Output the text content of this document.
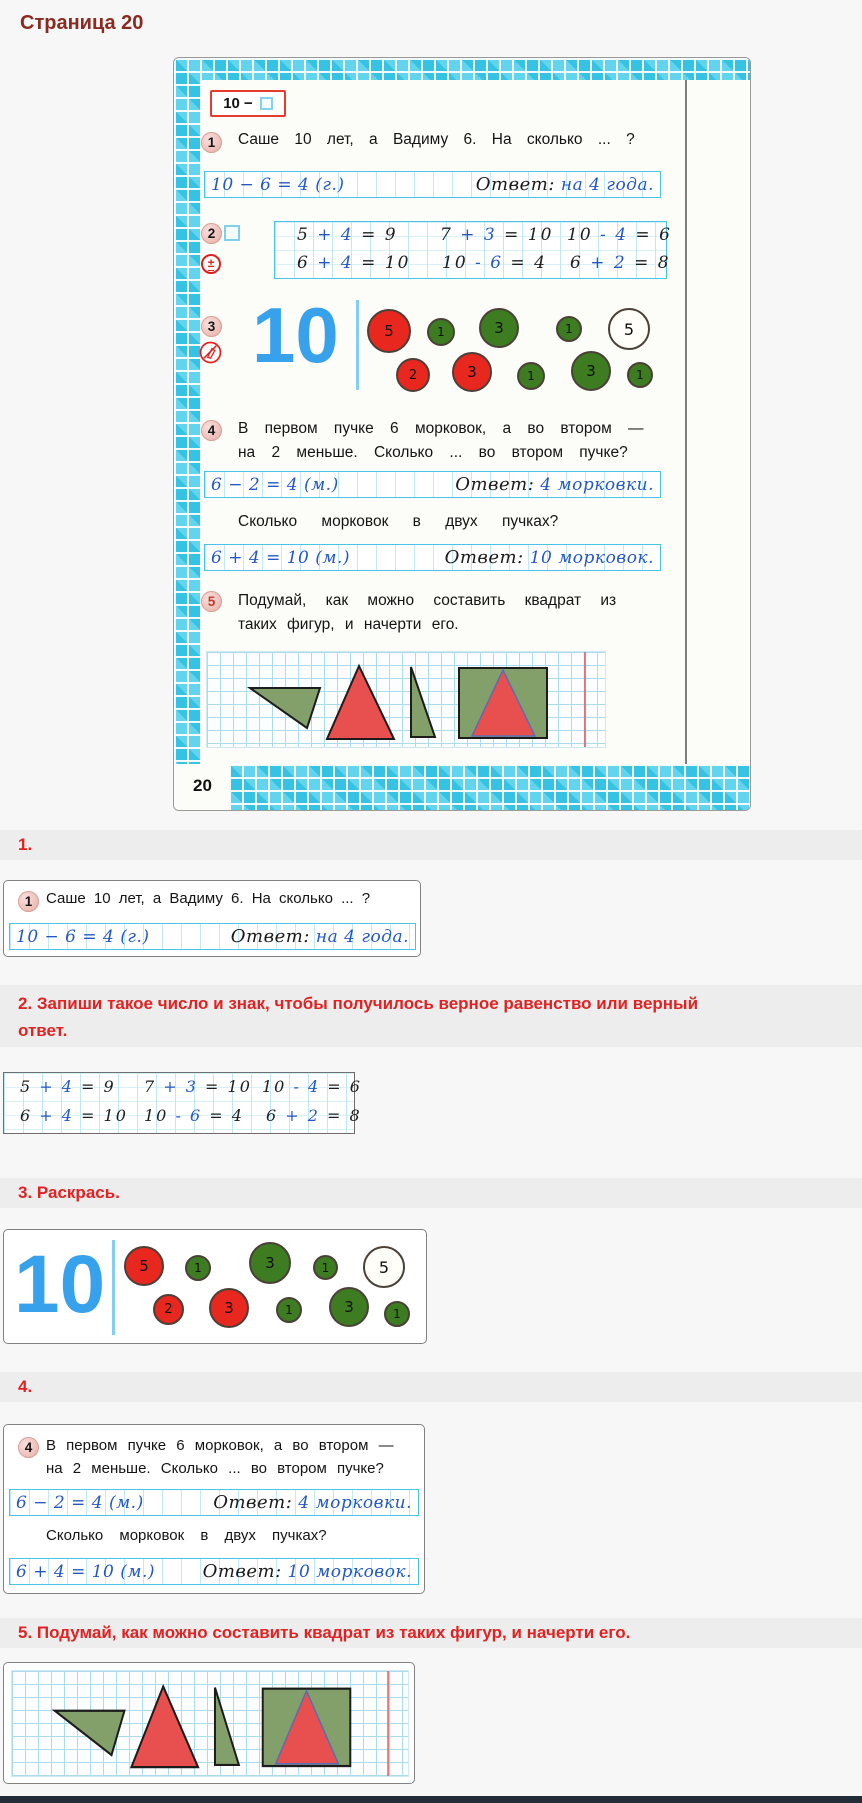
Страница 20
20
10 −
1	Саше 10 лет, а Вадиму 6. На сколько ... ?
10 − 6 = 4 (г.)	Ответ: на 4 года.
2
±
5 + 4 = 9 7 + 3 = 10 10 - 4 = 6
6 + 4 = 10 10 - 6 = 4 6 + 2 = 8
3 10	5	1	3	1	5
2	3	1	3	1
4	В первом пучке 6 морковок, а во втором —
на 2 меньше. Сколько ... во втором пучке?
6 − 2 = 4 (м.)	Ответ: 4 морковки.
Сколько морковок в двух пучках?
6 + 4 = 10 (м.)	Ответ: 10 морковок.
5	Подумай, как можно составить квадрат из
таких фигур, и начерти его.
1.
1 Саше 10 лет, а Вадиму 6. На сколько ... ?
10 − 6 = 4 (г.)	Ответ: на 4 года.
2. Запиши такое число и знак, чтобы получилось верное равенство или верный ответ.
5 + 4 = 9 7 + 3 = 10 10 - 4 = 6
6 + 4 = 10 10 - 6 = 4 6 + 2 = 8
3. Раскрась.
10	5	1	3	1	5
2	3	1	3	1
4.
4 В первом пучке 6 морковок, а во втором —
на 2 меньше. Сколько ... во втором пучке?
6 − 2 = 4 (м.)	Ответ: 4 морковки.
Сколько морковок в двух пучках?
6 + 4 = 10 (м.)	Ответ: 10 морковок.
5. Подумай, как можно составить квадрат из таких фигур, и начерти его.
